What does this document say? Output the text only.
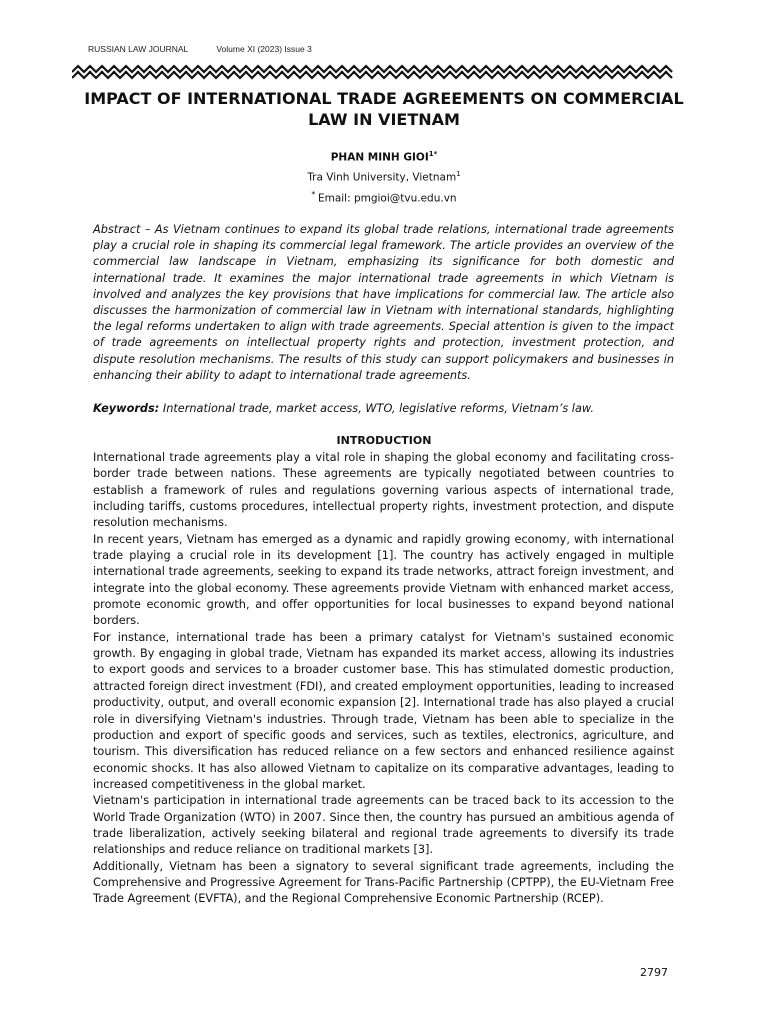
RUSSIAN LAW JOURNAL	Volume XI (2023) Issue 3
IMPACT OF INTERNATIONAL TRADE AGREEMENTS ON COMMERCIAL LAW IN VIETNAM
PHAN MINH $GIOI^{1*}$
Tra Vinh University, Vietnam$^1$
* Email: pmgioi@tvu.edu.vn

Abstract – As Vietnam continues to expand its global trade relations, international trade agreements play a crucial role in shaping its commercial legal framework. The article provides an overview of the commercial law landscape in Vietnam, emphasizing its significance for both domestic and international trade. It examines the major international trade agreements in which Vietnam is involved and analyzes the key provisions that have implications for commercial law. The article also discusses the harmonization of commercial law in Vietnam with international standards, highlighting the legal reforms undertaken to align with trade agreements. Special attention is given to the impact of trade agreements on intellectual property rights and protection, investment protection, and dispute resolution mechanisms. The results of this study can support policymakers and businesses in enhancing their ability to adapt to international trade agreements.

Keywords: International trade, market access, WTO, legislative reforms, Vietnam’s law.

INTRODUCTION

International trade agreements play a vital role in shaping the global economy and facilitating cross-border trade between nations. These agreements are typically negotiated between countries to establish a framework of rules and regulations governing various aspects of international trade, including tariffs, customs procedures, intellectual property rights, investment protection, and dispute resolution mechanisms.

In recent years, Vietnam has emerged as a dynamic and rapidly growing economy, with international trade playing a crucial role in its development [1]. The country has actively engaged in multiple international trade agreements, seeking to expand its trade networks, attract foreign investment, and integrate into the global economy. These agreements provide Vietnam with enhanced market access, promote economic growth, and offer opportunities for local businesses to expand beyond national borders.

For instance, international trade has been a primary catalyst for Vietnam's sustained economic growth. By engaging in global trade, Vietnam has expanded its market access, allowing its industries to export goods and services to a broader customer base. This has stimulated domestic production, attracted foreign direct investment (FDI), and created employment opportunities, leading to increased productivity, output, and overall economic expansion [2]. International trade has also played a crucial role in diversifying Vietnam's industries. Through trade, Vietnam has been able to specialize in the production and export of specific goods and services, such as textiles, electronics, agriculture, and tourism. This diversification has reduced reliance on a few sectors and enhanced resilience against economic shocks. It has also allowed Vietnam to capitalize on its comparative advantages, leading to increased competitiveness in the global market.

Vietnam's participation in international trade agreements can be traced back to its accession to the World Trade Organization (WTO) in 2007. Since then, the country has pursued an ambitious agenda of trade liberalization, actively seeking bilateral and regional trade agreements to diversify its trade relationships and reduce reliance on traditional markets [3].

Additionally, Vietnam has been a signatory to several significant trade agreements, including the Comprehensive and Progressive Agreement for Trans-Pacific Partnership (CPTPP), the EU-Vietnam Free Trade Agreement (EVFTA), and the Regional Comprehensive Economic Partnership (RCEP).

2797
